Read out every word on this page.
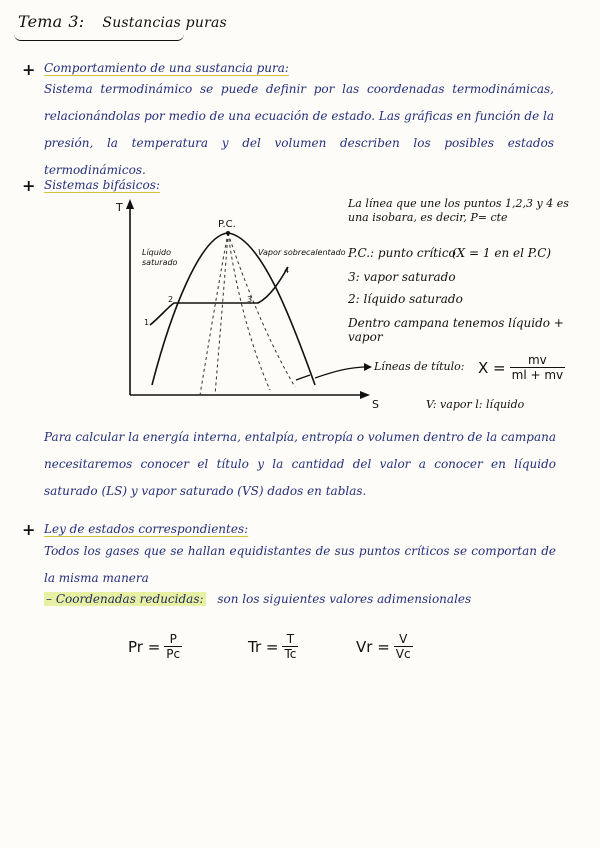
Tema 3: Sustancias puras
+ Comportamiento de una sustancia pura:
Sistema termodinámico se puede definir por las coordenadas termodinámicas, relacionándolas por medio de una ecuación de estado. Las gráficas en función de la presión, la temperatura y del volumen describen los posibles estados termodinámicos.
+ Sistemas bifásicos:
T
S
P.C.
1
2	3
4
Líquido
saturado
Vapor sobrecalentado
La línea que une los puntos 1,2,3 y 4 es una isobara, es decir, P= cte
P.C.: punto crítico
(X = 1 en el P.C)
3: vapor saturado
2: líquido saturado
Dentro campana tenemos líquido + vapor
Líneas de título: $X = \frac{mv}{ml + mv}$
V: vapor l: líquido
Para calcular la energía interna, entalpía, entropía o volumen dentro de la campana necesitaremos conocer el título y la cantidad del valor a conocer en líquido saturado (LS) y vapor saturado (VS) dados en tablas.
+ Ley de estados correspondientes:
Todos los gases que se hallan equidistantes de sus puntos críticos se comportan de la misma manera
– Coordenadas reducidas: son los siguientes valores adimensionales
$Pr = \frac{P}{Pc}$	$Tr = \frac{T}{Tc}$	$Vr = \frac{V}{Vc}$
